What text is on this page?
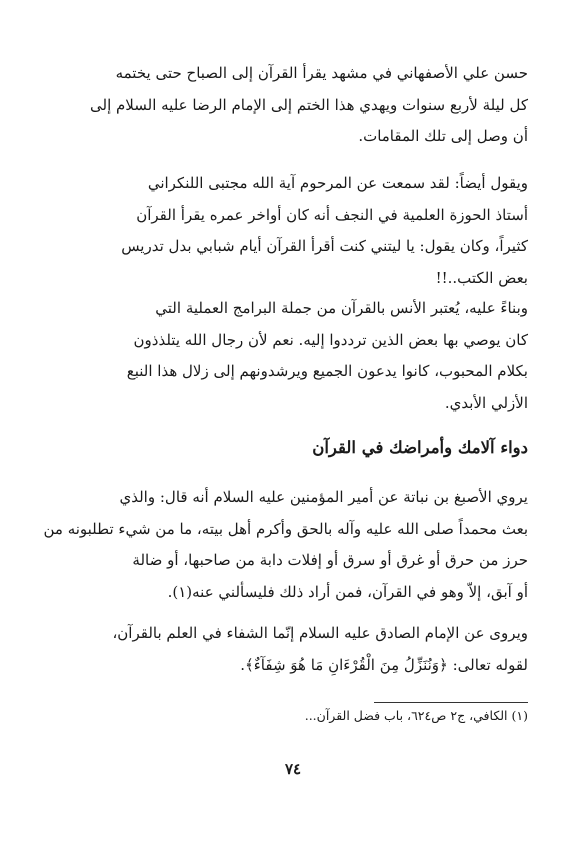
حسن علي الأصفهاني في مشهد يقرأ القرآن إلى الصباح حتى يختمه
كل ليلة لأربع سنوات ويهدي هذا الختم إلى الإمام الرضا عليه السلام إلى
أن وصل إلى تلك المقامات.
ويقول أيضاً: لقد سمعت عن المرحوم آية الله مجتبى اللنكراني
أستاذ الحوزة العلمية في النجف أنه كان أواخر عمره يقرأ القرآن
كثيراً، وكان يقول: يا ليتني كنت أقرأ القرآن أيام شبابي بدل تدريس
بعض الكتب..!!
وبناءً عليه، يُعتبر الأنس بالقرآن من جملة البرامج العملية التي
كان يوصي بها بعض الذين ترددوا إليه. نعم لأن رجال الله يتلذذون
بكلام المحبوب، كانوا يدعون الجميع ويرشدونهم إلى زلال هذا النبع
الأزلي الأبدي.
دواء آلامك وأمراضك في القرآن
يروي الأصبغ بن نباتة عن أمير المؤمنين عليه السلام أنه قال: والذي
بعث محمداً صلى الله عليه وآله بالحق وأكرم أهل بيته، ما من شيء تطلبونه من
حرز من حرق أو غرق أو سرق أو إفلات دابة من صاحبها، أو ضالة
أو آبق، إلاّ وهو في القرآن، فمن أراد ذلك فليسألني عنه(١).
ويروى عن الإمام الصادق عليه السلام إنّما الشفاء في العلم بالقرآن،
لقوله تعالى: ﴿وَنُنَزِّلُ مِنَ الْقُرْءَانِ مَا هُوَ شِفَآءٌ﴾.
(١) الكافي، ج٢ ص٦٢٤، باب فضل القرآن...
٧٤
